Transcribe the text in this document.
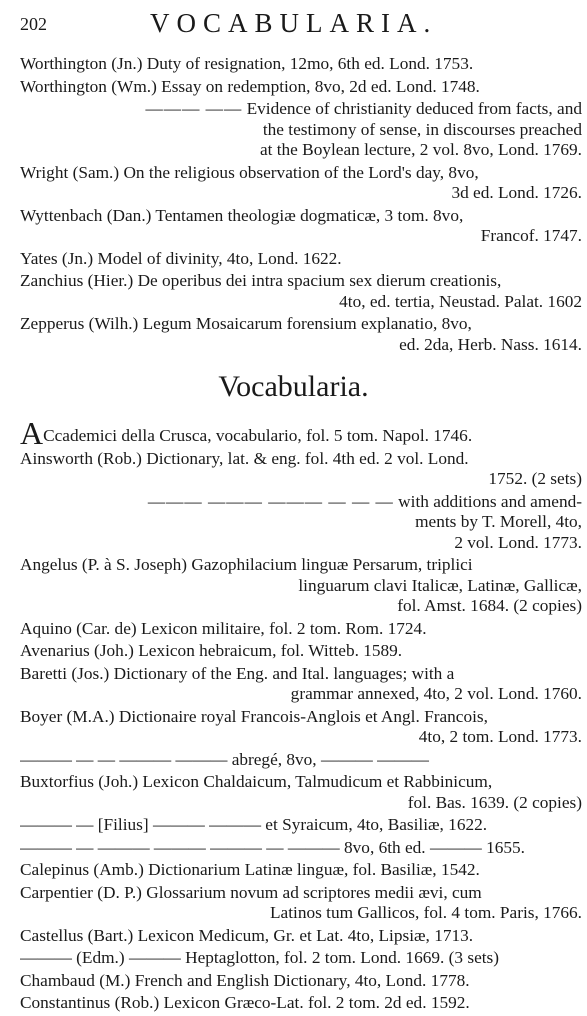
202	VOCABULARIA.
Worthington (Jn.) Duty of resignation, 12mo, 6th ed. Lond. 1753.
Worthington (Wm.) Essay on redemption, 8vo, 2d ed. Lond. 1748.
——— —— Evidence of christianity deduced from facts, and
the testimony of sense, in discourses preached
at the Boylean lecture, 2 vol. 8vo, Lond. 1769.
Wright (Sam.) On the religious observation of the Lord's day, 8vo,
3d ed. Lond. 1726.
Wyttenbach (Dan.) Tentamen theologiæ dogmaticæ, 3 tom. 8vo,
Francof. 1747.
Yates (Jn.) Model of divinity, 4to, Lond. 1622.
Zanchius (Hier.) De operibus dei intra spacium sex dierum creationis,
4to, ed. tertia, Neustad. Palat. 1602
Zepperus (Wilh.) Legum Mosaicarum forensium explanatio, 8vo,
ed. 2da, Herb. Nass. 1614.
Vocabularia.
ACcademici della Crusca, vocabulario, fol. 5 tom. Napol. 1746.
Ainsworth (Rob.) Dictionary, lat. & eng. fol. 4th ed. 2 vol. Lond.
1752. (2 sets)
——— ——— ——— — — — with additions and amend-
ments by T. Morell, 4to,
2 vol. Lond. 1773.
Angelus (P. à S. Joseph) Gazophilacium linguæ Persarum, triplici
linguarum clavi Italicæ, Latinæ, Gallicæ,
fol. Amst. 1684. (2 copies)
Aquino (Car. de) Lexicon militaire, fol. 2 tom. Rom. 1724.
Avenarius (Joh.) Lexicon hebraicum, fol. Witteb. 1589.
Baretti (Jos.) Dictionary of the Eng. and Ital. languages; with a
grammar annexed, 4to, 2 vol. Lond. 1760.
Boyer (M.A.) Dictionaire royal Francois-Anglois et Angl. Francois,
4to, 2 tom. Lond. 1773.
——— — — ——— ——— abregé, 8vo, ——— ———
Buxtorfius (Joh.) Lexicon Chaldaicum, Talmudicum et Rabbinicum,
fol. Bas. 1639. (2 copies)
——— — [Filius] ——— ——— et Syraicum, 4to, Basiliæ, 1622.
——— — ——— ——— ——— — ——— 8vo, 6th ed. ——— 1655.
Calepinus (Amb.) Dictionarium Latinæ linguæ, fol. Basiliæ, 1542.
Carpentier (D. P.) Glossarium novum ad scriptores medii ævi, cum
Latinos tum Gallicos, fol. 4 tom. Paris, 1766.
Castellus (Bart.) Lexicon Medicum, Gr. et Lat. 4to, Lipsiæ, 1713.
——— (Edm.) ——— Heptaglotton, fol. 2 tom. Lond. 1669. (3 sets)
Chambaud (M.) French and English Dictionary, 4to, Lond. 1778.
Constantinus (Rob.) Lexicon Græco-Lat. fol. 2 tom. 2d ed. 1592.
